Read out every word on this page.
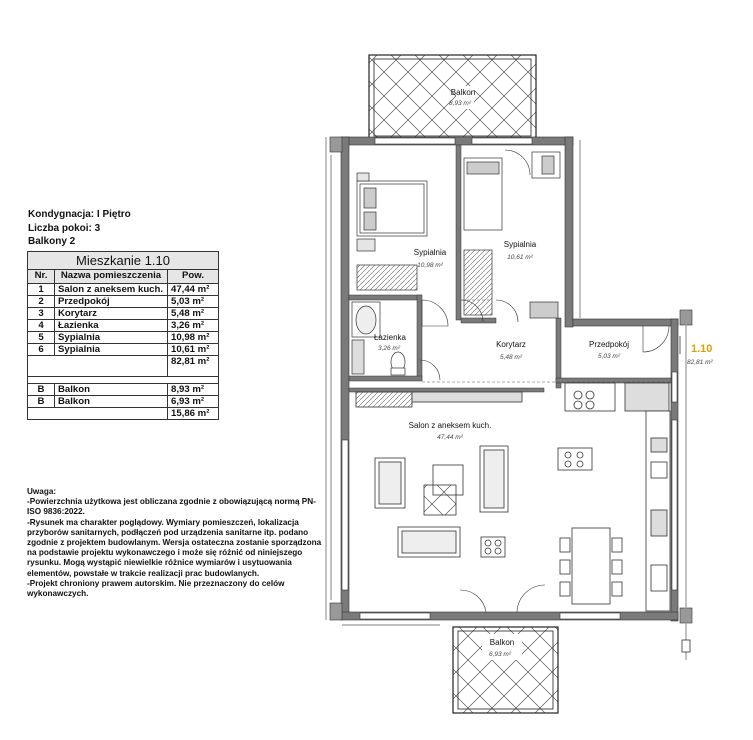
Kondygnacja: I Piętro
Liczba pokoi: 3
Balkony 2
Mieszkanie 1.10		
Nr.	Nazwa pomieszczenia	Pow.
1	Salon z aneksem kuch.	47,44 m²
2	Przedpokój	5,03 m²
3	Korytarz	5,48 m²
4	Łazienka	3,26 m²
5	Sypialnia	10,98 m²
6	Sypialnia	10,61 m²
		82,81 m²

B	Balkon	8,93 m²
B	Balkon	6,93 m²
		15,86 m²
Uwaga:
-Powierzchnia użytkowa jest obliczana zgodnie z obowiązującą normą PN-ISO 9836:2022.
-Rysunek ma charakter poglądowy. Wymiary pomieszczeń, lokalizacja przyborów sanitarnych, podłączeń pod urządzenia sanitarne itp. podano zgodnie z projektem budowlanym. Wersja ostateczna zostanie sporządzona na podstawie projektu wykonawczego i może się różnić od niniejszego rysunku. Mogą wystąpić niewielkie różnice wymiarów i usytuowania elementów, powstałe w trakcie realizacji prac budowlanych.
-Projekt chroniony prawem autorskim. Nie przeznaczony do celów wykonawczych.
Balkon
8,93 m²
Balkon
6,93 m²
Sypialnia
10,98 m²
Sypialnia
10,61 m²
Łazienka
3,26 m²	Korytarz
5,48 m²
Przedpokój
5,03 m²
Salon z aneksem kuch.
47,44 m²
1.10
82,81 m²
